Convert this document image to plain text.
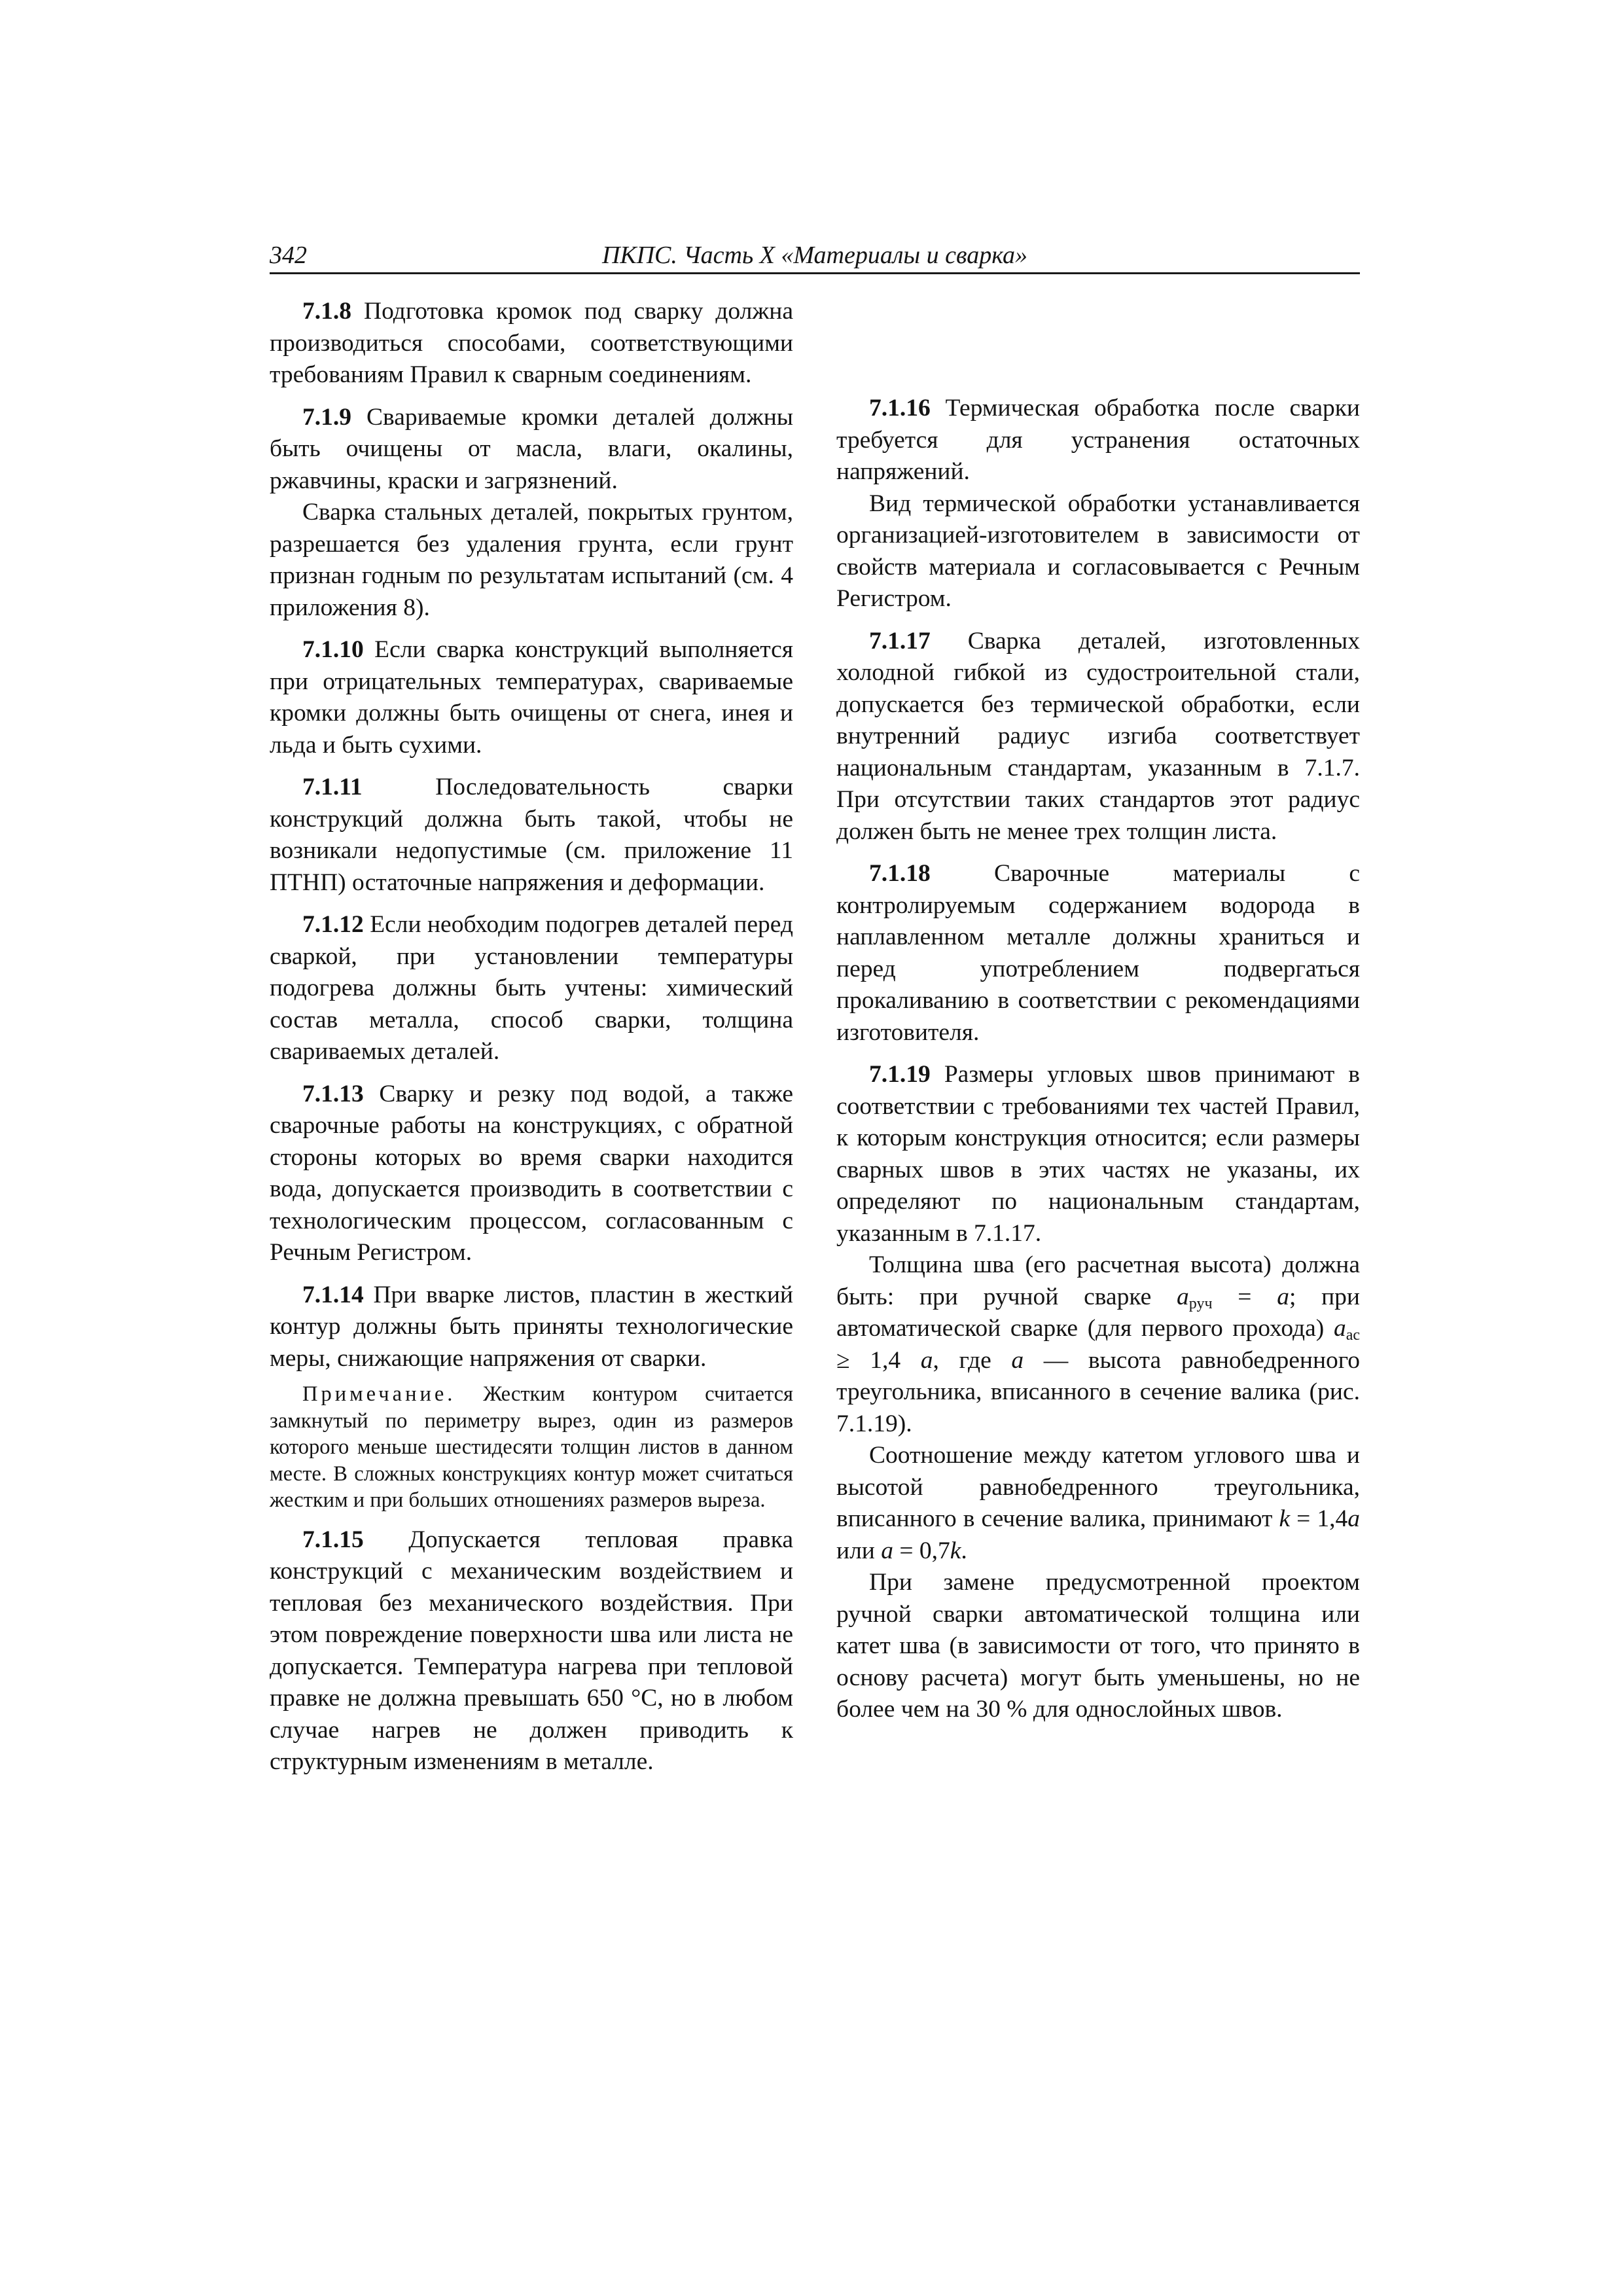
342	ПКПС. Часть X «Материалы и сварка»

7.1.8 Подготовка кромок под сварку должна производиться способами, соответствующими требованиям Правил к сварным соединениям.

7.1.9 Свариваемые кромки деталей должны быть очищены от масла, влаги, окалины, ржавчины, краски и загрязнений.

Сварка стальных деталей, покрытых грунтом, разрешается без удаления грунта, если грунт признан годным по результатам испытаний (см. 4 приложения 8).

7.1.10 Если сварка конструкций выполняется при отрицательных температурах, свариваемые кромки должны быть очищены от снега, инея и льда и быть сухими.

7.1.11	Последовательность сварки конструкций должна быть такой, чтобы не возникали недопустимые (см. приложение 11 ПТНП) остаточные напряжения и деформации.

7.1.12 Если необходим подогрев деталей перед сваркой, при установлении температуры подогрева должны быть учтены: химический состав металла, способ сварки, толщина свариваемых деталей.

7.1.13 Сварку и резку под водой, а также сварочные работы на конструкциях, с обратной стороны которых во время сварки находится вода, допускается производить в соответствии с технологическим процессом, согласованным с Речным Регистром.

7.1.14 При вварке листов, пластин в жесткий контур должны быть приняты технологические меры, снижающие напряжения от сварки.

Примечание. Жестким контуром считается замкнутый по периметру вырез, один из размеров которого меньше шестидесяти толщин листов в данном месте. В сложных конструкциях контур может считаться жестким и при больших отношениях размеров выреза.

7.1.15 Допускается тепловая правка конструкций с механическим воздействием и тепловая без механического воздействия. При этом повреждение поверхности шва или листа не допускается. Температура нагрева при тепловой правке не должна превышать 650 °С, но в любом случае нагрев не должен приводить к структурным изменениям в металле.

7.1.16 Термическая обработка после сварки требуется для устранения остаточных напряжений.

Вид термической обработки устанавливается организацией-изготовителем в зависимости от свойств материала и согласовывается с Речным Регистром.

7.1.17 Сварка деталей, изготовленных холодной гибкой из судостроительной стали, допускается без термической обработки, если внутренний радиус изгиба соответствует национальным стандартам, указанным в 7.1.7. При отсутствии таких стандартов этот радиус должен быть не менее трех толщин листа.

7.1.18	Сварочные материалы с контролируемым содержанием водорода в наплавленном металле должны храниться и перед употреблением подвергаться прокаливанию в соответствии с рекомендациями изготовителя.

7.1.19 Размеры угловых швов принимают в соответствии с требованиями тех частей Правил, к которым конструкция относится; если размеры сварных швов в этих частях не указаны, их определяют по национальным стандартам, указанным в 7.1.17.

Толщина шва (его расчетная высота) должна быть: при ручной сварке $a_{руч} = a$; при автоматической сварке (для первого прохода) $a_{ас} \ge 1,4$ a, где a — высота равнобедренного треугольника, вписанного в сечение валика (рис. 7.1.19).

Соотношение между катетом углового шва и высотой равнобедренного треугольника, вписанного в сечение валика, принимают k = 1,4a или a = 0,7k.

При замене предусмотренной проектом ручной сварки автоматической толщина или катет шва (в зависимости от того, что принято в основу расчета) могут быть уменьшены, но не более чем на 30 % для однослойных швов.
